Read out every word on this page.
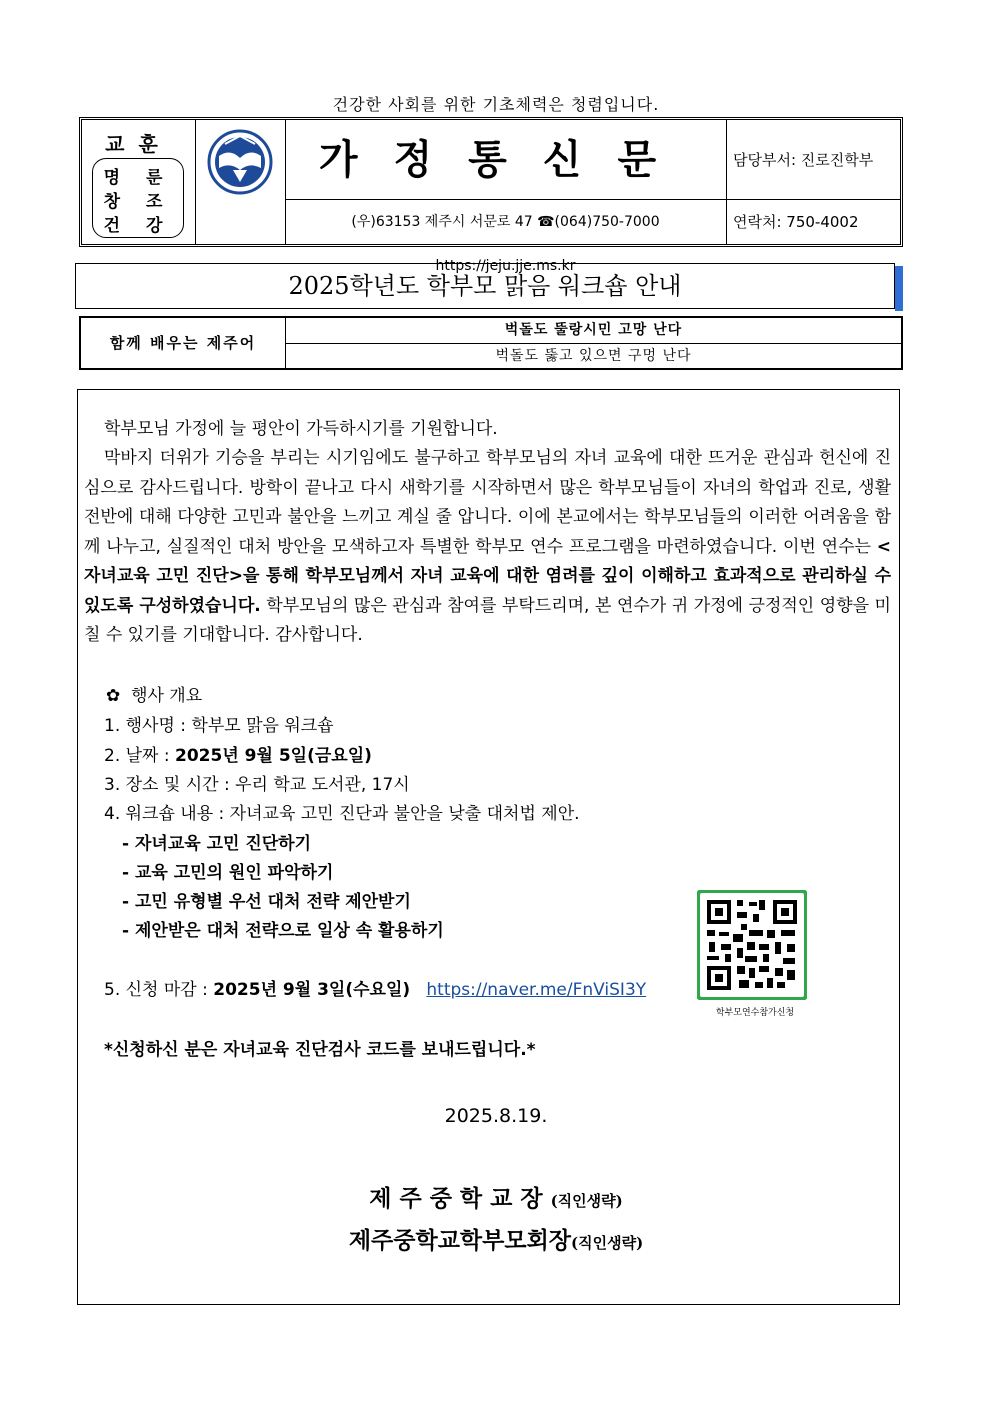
건강한 사회를 위한 기초체력은 청렴입니다.
교훈
명 룬
창 조
건 강
가정통신문
(우)63153 제주시 서문로 47 ☎(064)750-7000 https://jeju.jje.ms.kr
담당부서: 진로진학부
연락처: 750-4002
2025학년도 학부모 맑음 워크숍 안내
함께 배우는 제주어
벅돌도 뚤랑시민 고망 난다
벅돌도 뚫고 있으면 구멍 난다
학부모님 가정에 늘 평안이 가득하시기를 기원합니다.
막바지 더위가 기승을 부리는 시기임에도 불구하고 학부모님의 자녀 교육에 대한 뜨거운 관심과 헌신에 진심으로 감사드립니다. 방학이 끝나고 다시 새학기를 시작하면서 많은 학부모님들이 자녀의 학업과 진로, 생활 전반에 대해 다양한 고민과 불안을 느끼고 계실 줄 압니다. 이에 본교에서는 학부모님들의 이러한 어려움을 함께 나누고, 실질적인 대처 방안을 모색하고자 특별한 학부모 연수 프로그램을 마련하였습니다. 이번 연수는 <자녀교육 고민 진단>을 통해 학부모님께서 자녀 교육에 대한 염려를 깊이 이해하고 효과적으로 관리하실 수 있도록 구성하였습니다. 학부모님의 많은 관심과 참여를 부탁드리며, 본 연수가 귀 가정에 긍정적인 영향을 미칠 수 있기를 기대합니다. 감사합니다.
✿ 행사 개요
1. 행사명 : 학부모 맑음 워크숍
2. 날짜 : 2025년 9월 5일(금요일)
3. 장소 및 시간 : 우리 학교 도서관, 17시
4. 워크숍 내용 : 자녀교육 고민 진단과 불안을 낮출 대처법 제안.
- 자녀교육 고민 진단하기
- 교육 고민의 원인 파악하기
- 고민 유형별 우선 대처 전략 제안받기
- 제안받은 대처 전략으로 일상 속 활용하기
5. 신청 마감 : 2025년 9월 3일(수요일) https://naver.me/FnViSI3Y
학부모연수참가신청
*신청하신 분은 자녀교육 진단검사 코드를 보내드립니다.*
2025.8.19.
제주중학교장(직인생략)
제주중학교학부모회장(직인생략)
